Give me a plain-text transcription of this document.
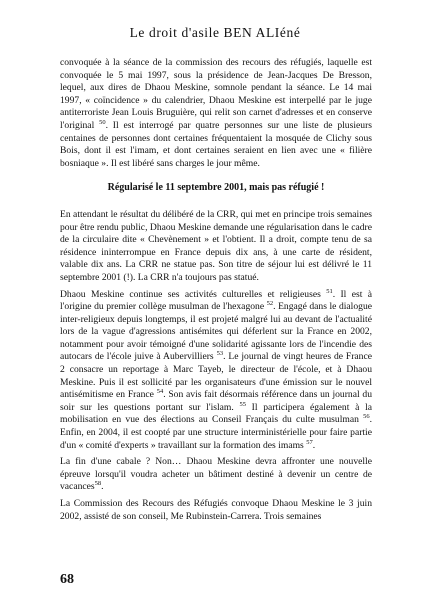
Le droit d'asile BEN ALIéné

convoquée à la séance de la commission des recours des réfugiés, laquelle est convoquée le 5 mai 1997, sous la présidence de Jean-Jacques De Bresson, lequel, aux dires de Dhaou Meskine, somnole pendant la séance. Le 14 mai 1997, « coïncidence » du calendrier, Dhaou Meskine est interpellé par le juge antiterroriste Jean Louis Bruguière, qui relit son carnet d'adresses et en conserve l'original $^{50}$. Il est interrogé par quatre personnes sur une liste de plusieurs centaines de personnes dont certaines fréquentaient la mosquée de Clichy sous Bois, dont il est l'imam, et dont certaines seraient en lien avec une « filière bosniaque ». Il est libéré sans charges le jour même.

Régularisé le 11 septembre 2001, mais pas réfugié !

En attendant le résultat du délibéré de la CRR, qui met en principe trois semaines pour être rendu public, Dhaou Meskine demande une régularisation dans le cadre de la circulaire dite « Chevènement » et l'obtient. Il a droit, compte tenu de sa résidence ininterrompue en France depuis dix ans, à une carte de résident, valable dix ans. La CRR ne statue pas. Son titre de séjour lui est délivré le 11 septembre 2001 (!). La CRR n'a toujours pas statué.

Dhaou Meskine continue ses activités culturelles et religieuses $^{51}$. Il est à l'origine du premier collège musulman de l'hexagone $^{52}$. Engagé dans le dialogue inter-religieux depuis longtemps, il est projeté malgré lui au devant de l'actualité lors de la vague d'agressions antisémites qui déferlent sur la France en 2002, notamment pour avoir témoigné d'une solidarité agissante lors de l'incendie des autocars de l'école juive à Aubervilliers $^{53}$. Le journal de vingt heures de France 2 consacre un reportage à Marc Tayeb, le directeur de l'école, et à Dhaou Meskine. Puis il est sollicité par les organisateurs d'une émission sur le nouvel antisémitisme en France $^{54}$. Son avis fait désormais référence dans un journal du soir sur les questions portant sur l'islam. $^{55}$ Il participera également à la mobilisation en vue des élections au Conseil Français du culte musulman $^{56}$. Enfin, en 2004, il est coopté par une structure interministérielle pour faire partie d'un « comité d'experts » travaillant sur la formation des imams $^{57}$.

La fin d'une cabale ? Non… Dhaou Meskine devra affronter une nouvelle épreuve lorsqu'il voudra acheter un bâtiment destiné à devenir un centre de vacances$^{58}$.

La Commission des Recours des Réfugiés convoque Dhaou Meskine le 3 juin 2002, assisté de son conseil, Me Rubinstein-Carrera. Trois semaines

68
